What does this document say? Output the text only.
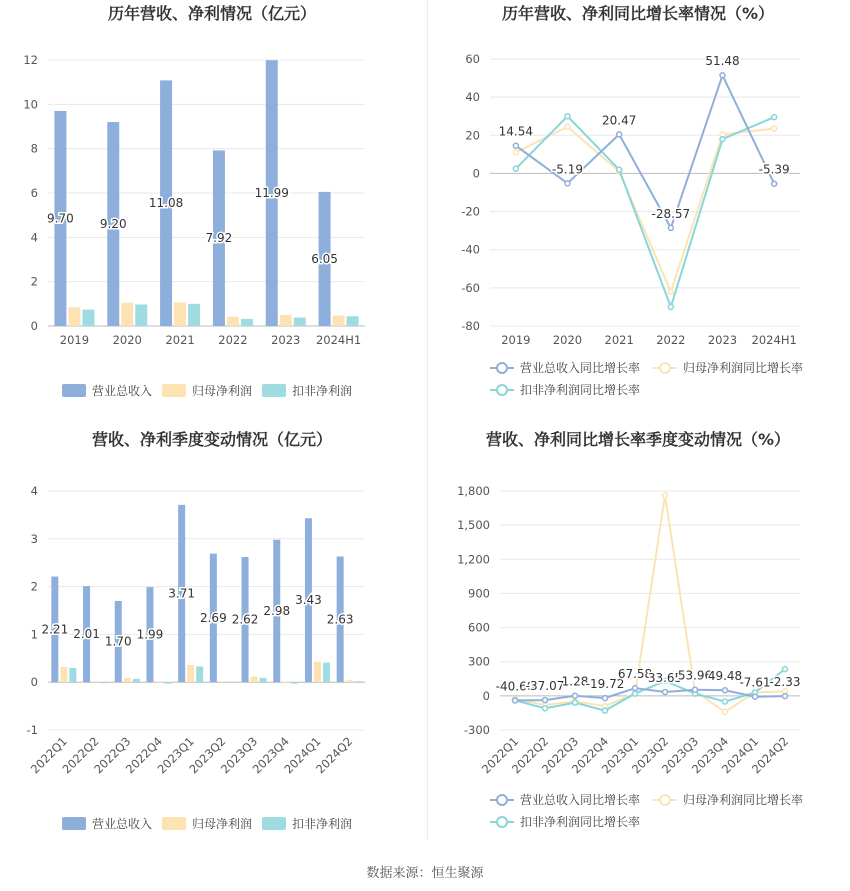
历年营收、净利情况（亿元）
0
2
4
6
8
10
12
2019 2020 2021 2022 2023 2024H1
9.70 9.20
11.08
7.92
11.99
6.05
营业总收入	归母净利润	扣非净利润
历年营收、净利同比增长率情况（%）
-80
-60
-40
-20
0
20
40
60
2019 2020 2021 2022 2023 2024H1
14.54
-5.19
20.47
-28.57
51.48
-5.39
营业总收入同比增长率	归母净利润同比增长率
扣非净利润同比增长率
营收、净利季度变动情况（亿元）
-1
0
1
2
3
4
2022Q1
2022Q2
2022Q3
2022Q4
2023Q1
2023Q2
2023Q3
2023Q4
2024Q1
2024Q2
2.21 2.01
1.70 1.99
3.71
2.69 2.62
2.98
3.43
2.63
营业总收入	归母净利润	扣非净利润
营收、净利同比增长率季度变动情况（%）
-300
0
300
600
900
1,200
1,500
1,800
2022Q1
2022Q2
2022Q3
2022Q4
2023Q1
2023Q2
2023Q3
2023Q4
2024Q1
2024Q2
-40.60
-37.07
1.28
-19.72
67.58
33.65
53.96
49.48
-7.61
-2.33
营业总收入同比增长率	归母净利润同比增长率
扣非净利润同比增长率
数据来源：恒生聚源
